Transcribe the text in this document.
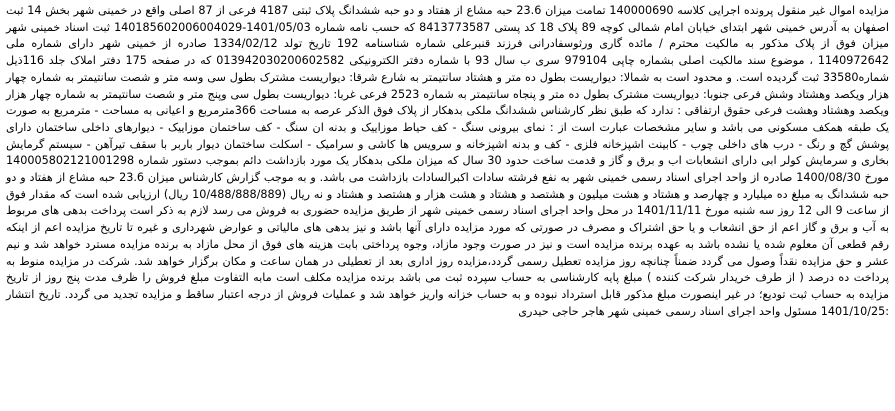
مزایده اموال غیر منقول پرونده اجرایی کلاسه 140000690 تمامت میزان 23.6 حبه مشاع از هفتاد و دو حبه ششدانگ پلاک ثبتی 4187 فرعی از 87 اصلی واقع در خمینی شهر بخش 14 ثبت اصفهان به آدرس خمینی شهر ابتدای خیابان امام شمالی کوچه 89 پلاک 18 کد پستی 8413773587 که حسب نامه شماره 1401/05/03-140185602006004029 ثبت اسناد خمینی شهر میزان فوق از پلاک مذکور به مالکیت محترم / مائده گاری ورثوسفادرانی فرزند قنبرعلی شماره شناسنامه 192 تاریخ تولد 1334/02/12 صادره از خمینی شهر دارای شماره ملی 1140972642 ، موضوع سند مالکیت اصلی بشماره چاپی 979104 سری ب سال 93 با شماره دفتر الکترونیکی 013942030200602582 که در صفحه 175 دفتر املاک جلد 116ذیل شماره33580 ثبت گردیده است. و محدود است به شمالا: دیواریست بطول ده متر و هشتاد سانتیمتر به شارع شرقا: دیواریست مشترک بطول سی وسه متر و شصت سانتیمتر به شماره چهار هزار ویکصد وهشتاد وشش فرعی جنوبا: دیواریست مشترک بطول ده متر و پنجاه سانتیمتر به شماره 2523 فرعی غربا: دیواریست بطول سی وپنج متر و شصت سانتیمتر به شماره چهار هزار ویکصد وهشتاد وهشت فرعی حقوق ارتفاقی : ندارد که طبق نظر کارشناس ششدانگ ملکی بدهکار از پلاک فوق الذکر عرصه به مساحت 366مترمربع و اعیانی به مساحت - مترمربع به صورت یک طبقه همکف مسکونی می باشد و سایر مشخصات عبارت است از : نمای بیرونی سنگ - کف حیاط موزاییک و بدنه ان سنگ - کف ساختمان موزاییک - دیوارهای داخلی ساختمان دارای پوشش گچ و رنگ - درب های داخلی چوب - کابینت اشپزخانه فلزی - کف و بدنه اشپزخانه و سرویس ها کاشی و سرامیک - اسکلت ساختمان دیوار باربر با سقف تیرآهن - سیستم گرمایش بخاری و سرمایش کولر ابی دارای انشعابات اب و برق و گاز و قدمت ساخت حدود 30 سال که میزان ملکی بدهکار یک مورد بازداشت دائم بموجب دستور شماره 140005802121001298 مورخ 1400/08/30 صادره از واحد اجرای اسناد رسمی خمینی شهر به نفع فرشته سادات اکبرالسادات بازداشت می باشد. و به موجب گزارش کارشناس میزان 23.6 حبه مشاع از هفتاد و دو حبه ششدانگ به مبلغ ده میلیارد و چهارصد و هشتاد و هشت میلیون و هشتصد و هشتاد و هشت هزار و هشتصد و هشتاد و نه ریال (10/488/888/889 ریال) ارزیابی شده است که مقدار فوق از ساعت 9 الی 12 روز سه شنبه مورخ 1401/11/11 در محل واحد اجرای اسناد رسمی خمینی شهر از طریق مزایده حضوری به فروش می رسد لازم به ذکر است پرداخت بدهی های مربوط به آب و برق و گاز اعم از حق انشعاب و یا حق اشتراک و مصرف در صورتی که مورد مزایده دارای آنها باشد و نیز بدهی های مالیاتی و عوارض شهرداری و غیره تا تاریخ مزایده اعم از اینکه رقم قطعی آن معلوم شده یا نشده باشد به عهده برنده مزایده است و نیز در صورت وجود مازاد، وجوه پرداختی بابت هزینه های فوق از محل مازاد به برنده مزایده مسترد خواهد شد و نیم عشر و حق مزایده نقداً وصول می گردد ضمناً چنانچه روز مزایده تعطیل رسمی گردد،مزایده روز اداری بعد از تعطیلی در همان ساعت و مکان برگزار خواهد شد. شرکت در مزایده منوط به پرداخت ده درصد ( از طرف خریدار شرکت کننده ) مبلغ پایه کارشناسی به حساب سپرده ثبت می باشد برنده مزایده مکلف است مابه التفاوت مبلغ فروش را ظرف مدت پنج روز از تاریخ مزایده به حساب ثبت تودیع؛ در غیر اینصورت مبلغ مذکور قابل استرداد نبوده و به حساب خزانه واریز خواهد شد و عملیات فروش از درجه اعتبار ساقط و مزایده تجدید می گردد. تاریخ انتشار :1401/10/25 مسئول واحد اجرای اسناد رسمی خمینی شهر هاجر حاجی حیدری
